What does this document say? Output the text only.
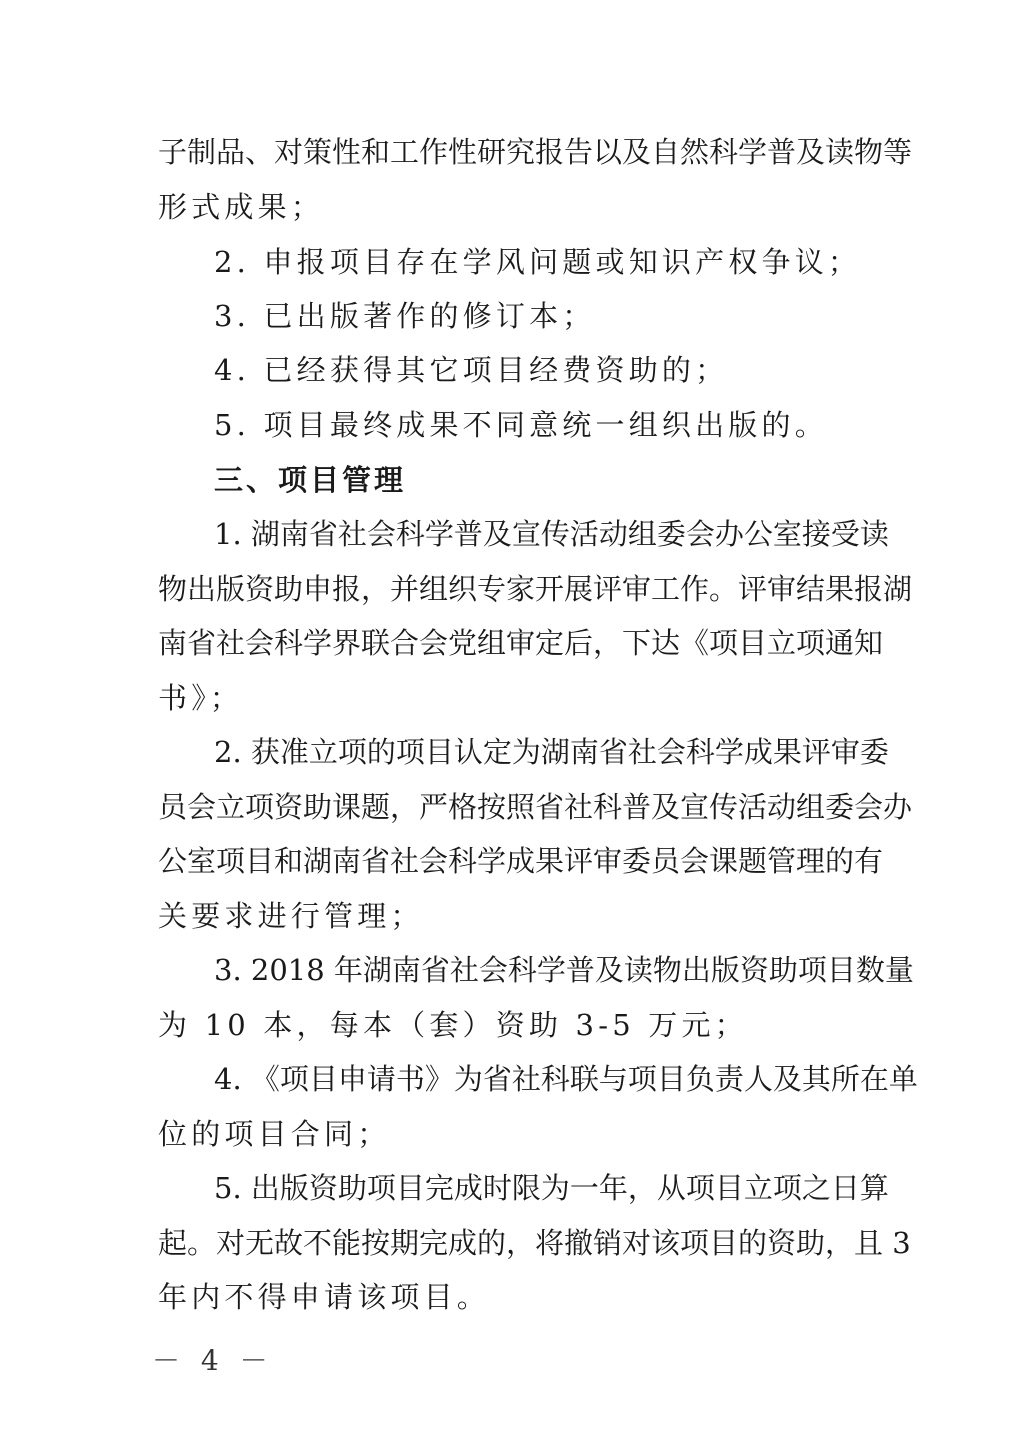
子制品、对策性和工作性研究报告以及自然科学普及读物等
形式成果；
2. 申报项目存在学风问题或知识产权争议；
3. 已出版著作的修订本；
4. 已经获得其它项目经费资助的；
5. 项目最终成果不同意统一组织出版的。
三、项目管理
1. 湖南省社会科学普及宣传活动组委会办公室接受读
物出版资助申报，并组织专家开展评审工作。评审结果报湖
南省社会科学界联合会党组审定后，下达《项目立项通知
书》；
2. 获准立项的项目认定为湖南省社会科学成果评审委
员会立项资助课题，严格按照省社科普及宣传活动组委会办
公室项目和湖南省社会科学成果评审委员会课题管理的有
关要求进行管理；
3. 2018 年湖南省社会科学普及读物出版资助项目数量
为 10 本，每本（套）资助 3-5 万元；
4. 《项目申请书》为省社科联与项目负责人及其所在单
位的项目合同；
5. 出版资助项目完成时限为一年，从项目立项之日算
起。对无故不能按期完成的，将撤销对该项目的资助，且 3
年内不得申请该项目。
－ 4 －
